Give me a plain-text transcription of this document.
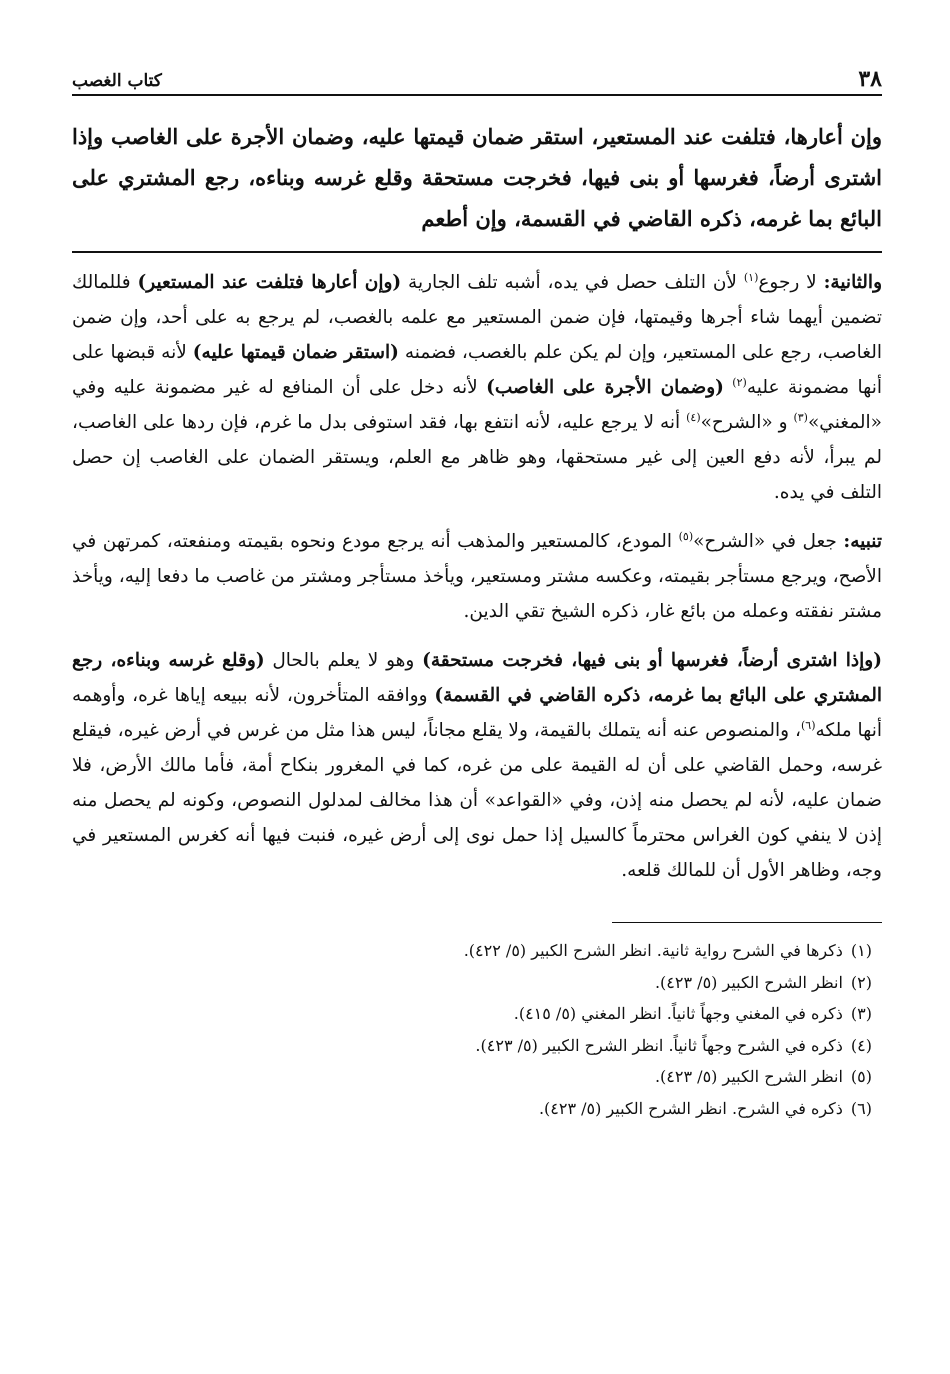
٣٨
كتاب الغصب
وإن أعارها، فتلفت عند المستعير، استقر ضمان قيمتها عليه، وضمان الأجرة على الغاصب وإذا اشترى أرضاً، فغرسها أو بنى فيها، فخرجت مستحقة وقلع غرسه وبناءه، رجع المشتري على البائع بما غرمه، ذكره القاضي في القسمة، وإن أطعم

والثانية: لا رجوع$^{(١)}$ لأن التلف حصل في يده، أشبه تلف الجارية (وإن أعارها فتلفت عند المستعير) فللمالك تضمين أيهما شاء أجرها وقيمتها، فإن ضمن المستعير مع علمه بالغصب، لم يرجع به على أحد، وإن ضمن الغاصب، رجع على المستعير، وإن لم يكن علم بالغصب، فضمنه (استقر ضمان قيمتها عليه) لأنه قبضها على أنها مضمونة عليه$^{(٢)}$ (وضمان الأجرة على الغاصب) لأنه دخل على أن المنافع له غير مضمونة عليه وفي «المغني»$^{(٣)}$ و «الشرح»$^{(٤)}$ أنه لا يرجع عليه، لأنه انتفع بها، فقد استوفى بدل ما غرم، فإن ردها على الغاصب، لم يبرأ، لأنه دفع العين إلى غير مستحقها، وهو ظاهر مع العلم، ويستقر الضمان على الغاصب إن حصل التلف في يده.

تنبيه: جعل في «الشرح»$^{(٥)}$ المودع، كالمستعير والمذهب أنه يرجع مودع ونحوه بقيمته ومنفعته، كمرتهن في الأصح، ويرجع مستأجر بقيمته، وعكسه مشتر ومستعير، ويأخذ مستأجر ومشتر من غاصب ما دفعا إليه، ويأخذ مشتر نفقته وعمله من بائع غار، ذكره الشيخ تقي الدين.

(وإذا اشترى أرضاً، فغرسها أو بنى فيها، فخرجت مستحقة) وهو لا يعلم بالحال (وقلع غرسه وبناءه، رجع المشتري على البائع بما غرمه، ذكره القاضي في القسمة) ووافقه المتأخرون، لأنه ببيعه إياها غره، وأوهمه أنها ملكه$^{(٦)}$، والمنصوص عنه أنه يتملك بالقيمة، ولا يقلع مجاناً، ليس هذا مثل من غرس في أرض غيره، فيقلع غرسه، وحمل القاضي على أن له القيمة على من غره، كما في المغرور بنكاح أمة، فأما مالك الأرض، فلا ضمان عليه، لأنه لم يحصل منه إذن، وفي «القواعد» أن هذا مخالف لمدلول النصوص، وكونه لم يحصل منه إذن لا ينفي كون الغراس محترماً كالسيل إذا حمل نوى إلى أرض غيره، فنبت فيها أنه كغرس المستعير في وجه، وظاهر الأول أن للمالك قلعه.

(١)ذكرها في الشرح رواية ثانية. انظر الشرح الكبير (٥/ ٤٢٢).
(٢)انظر الشرح الكبير (٥/ ٤٢٣).
(٣)ذكره في المغني وجهاً ثانياً. انظر المغني (٥/ ٤١٥).
(٤)ذكره في الشرح وجهاً ثانياً. انظر الشرح الكبير (٥/ ٤٢٣).
(٥)انظر الشرح الكبير (٥/ ٤٢٣).
(٦)ذكره في الشرح. انظر الشرح الكبير (٥/ ٤٢٣).
